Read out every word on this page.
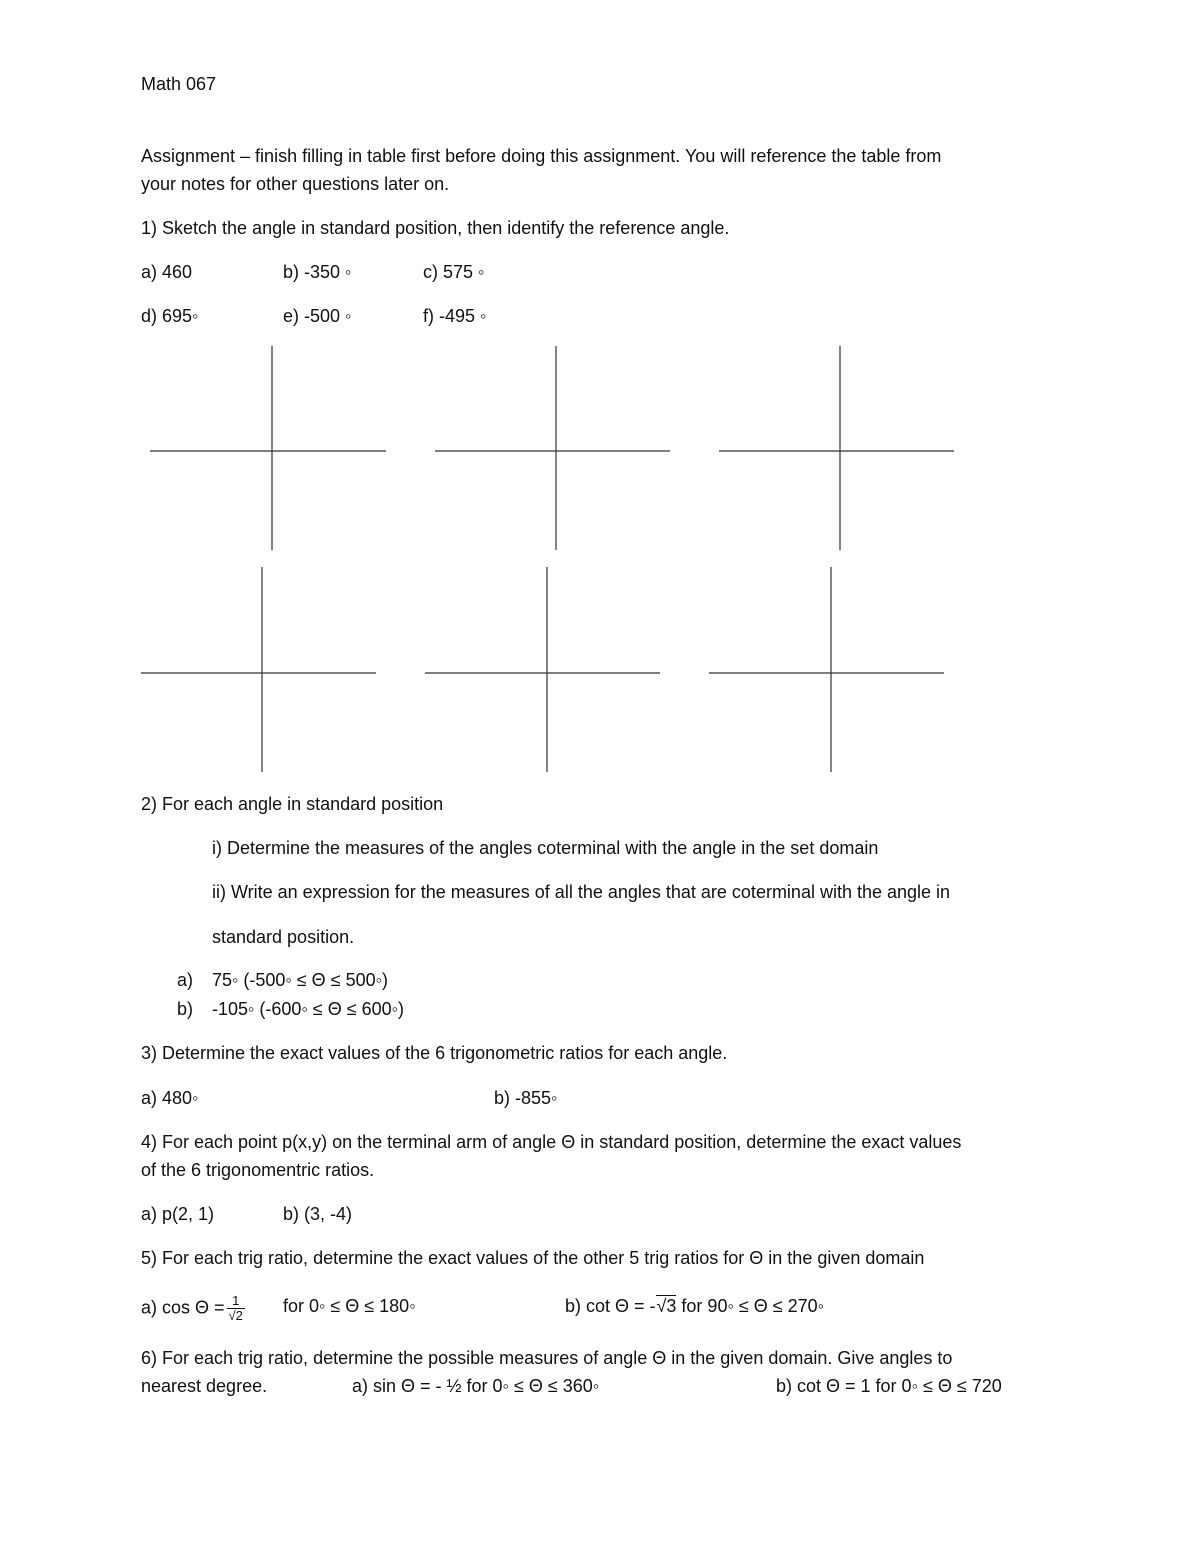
Math 067
Assignment – finish filling in table first before doing this assignment. You will reference the table from
your notes for other questions later on.
1) Sketch the angle in standard position, then identify the reference angle.
a) 460	b) -350 ◦	c) 575 ◦
d) 695◦	e) -500 ◦	f) -495 ◦
2) For each angle in standard position
i) Determine the measures of the angles coterminal with the angle in the set domain
ii) Write an expression for the measures of all the angles that are coterminal with the angle in
standard position.
a) 75◦ (-500◦ ≤ Θ ≤ 500◦)
b) -105◦ (-600◦ ≤ Θ ≤ 600◦)
3) Determine the exact values of the 6 trigonometric ratios for each angle.
a) 480◦	b) -855◦
4) For each point p(x,y) on the terminal arm of angle Θ in standard position, determine the exact values
of the 6 trigonomentric ratios.
a) p(2, 1)	b) (3, -4)
5) For each trig ratio, determine the exact values of the other 5 trig ratios for Θ in the given domain
a) $\cos \Theta = \frac{1}{√2}$ for 0◦ ≤ Θ ≤ 180◦	b) cot Θ = -√3 for 90◦ ≤ Θ ≤ 270◦
6) For each trig ratio, determine the possible measures of angle Θ in the given domain. Give angles to
nearest degree.	a) sin Θ = - ½ for 0◦ ≤ Θ ≤ 360◦	b) cot Θ = 1 for 0◦ ≤ Θ ≤ 720
